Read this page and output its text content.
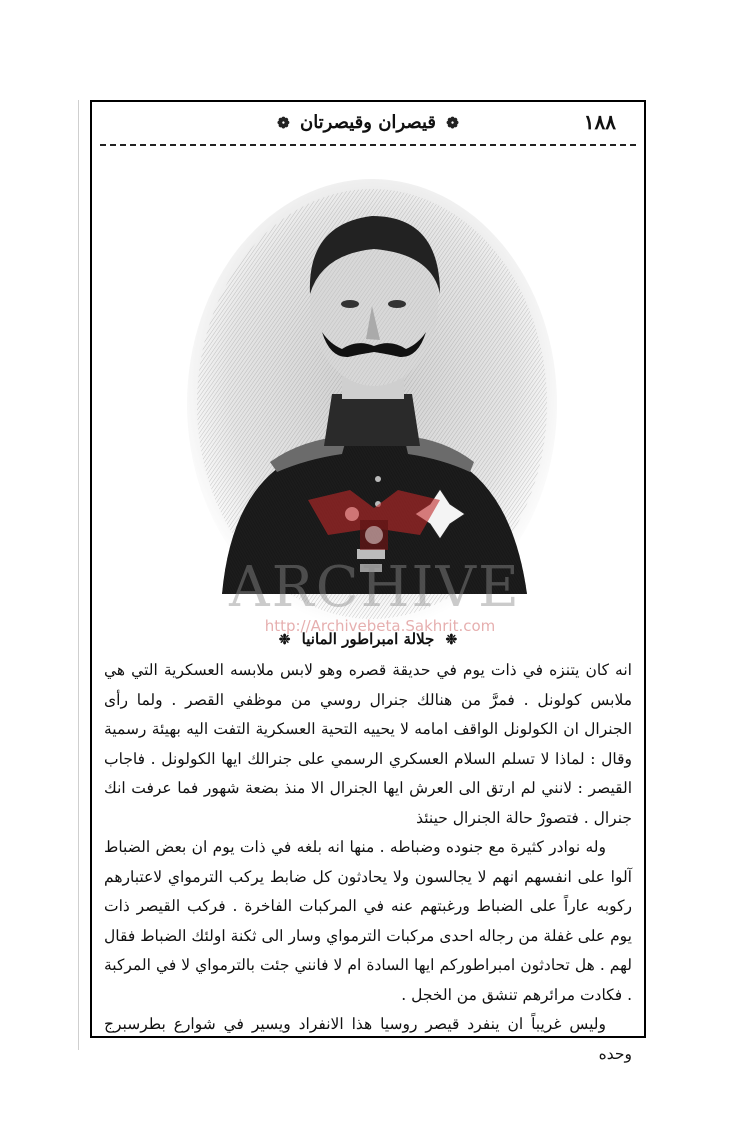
١٨٨
❁ قيصران وقيصرتان ❁
❉ جلالة امبراطور المانيا ❉

انه كان يتنزه في ذات يوم في حديقة قصره وهو لابس ملابسه العسكرية التي هي ملابس كولونل . فمرَّ من هنالك جنرال روسي من موظفي القصر . ولما رأى الجنرال ان الكولونل الواقف امامه لا يحييه التحية العسكرية التفت اليه بهيئة رسمية وقال : لماذا لا تسلم السلام العسكري الرسمي على جنرالك ايها الكولونل . فاجاب القيصر : لانني لم ارتق الى العرش ايها الجنرال الا منذ بضعة شهور فما عرفت انك جنرال . فتصورْ حالة الجنرال حينئذ

وله نوادر كثيرة مع جنوده وضباطه . منها انه بلغه في ذات يوم ان بعض الضباط آلوا على انفسهم انهم لا يجالسون ولا يحادثون كل ضابط يركب الترمواي لاعتبارهم ركوبه عاراً على الضباط ورغبتهم عنه في المركبات الفاخرة . فركب القيصر ذات يوم على غفلة من رجاله احدى مركبات الترمواي وسار الى ثكنة اولئك الضباط فقال لهم . هل تحادثون امبراطوركم ايها السادة ام لا فانني جئت بالترمواي لا في المركبة . فكادت مرائرهم تنشق من الخجل .

وليس غريباً ان ينفرد قيصر روسيا هذا الانفراد ويسير في شوارع بطرسبرج وحده

ARCHIVE
http://Archivebeta.Sakhrit.com
